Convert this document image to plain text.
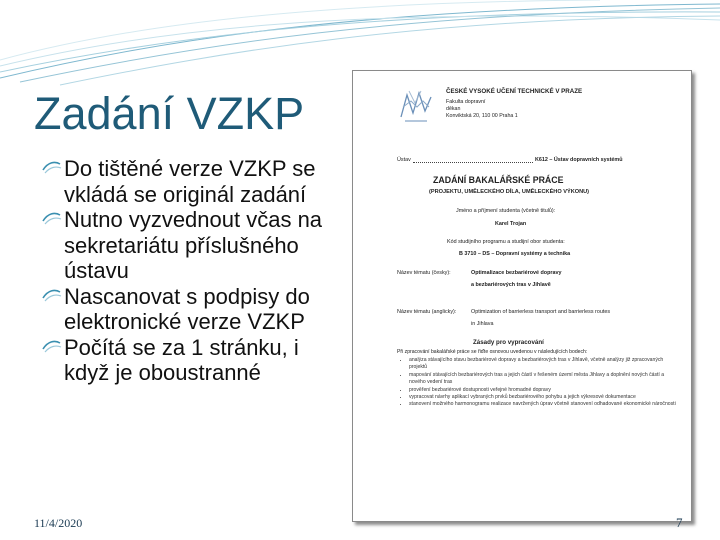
Zadání VZKP
Do tištěné verze VZKP se vkládá se originál zadání
Nutno vyzvednout včas na sekretariátu příslušného ústavu
Nascanovat s podpisy do elektronické verze VZKP
Počítá se za 1 stránku, i když je oboustranné
ČESKÉ VYSOKÉ UČENÍ TECHNICKÉ V PRAZE
Fakulta dopravní
děkan
Konviktská 20, 110 00 Praha 1
Ústav	K612 – Ústav dopravních systémů
ZADÁNÍ BAKALÁŘSKÉ PRÁCE
(PROJEKTU, UMĚLECKÉHO DÍLA, UMĚLECKÉHO VÝKONU)
Jméno a příjmení studenta (včetně titulů):
Karel Trojan
Kód studijního programu a studijní obor studenta:
B 3710 – DS – Dopravní systémy a technika
Název tématu (česky):	Optimalizace bezbariérové dopravy
a bezbariérových tras v Jihlavě
Název tématu (anglicky):	Optimization of barrierless transport and barrierless routes
in Jihlava
Zásady pro vypracování
Při zpracování bakalářské práce se řiďte osnovou uvedenou v následujících bodech:
• analýza stávajícího stavu bezbariérové dopravy a bezbariérových tras v Jihlavě, včetně analýzy již zpracovaných projektů
• mapování stávajících bezbariérových tras a jejich částí v řešeném území města Jihlavy a doplnění nových částí a nového vedení tras
• prověření bezbariérové dostupnosti veřejné hromadné dopravy
• vypracovat návrhy aplikací vybraných prvků bezbariérového pohybu a jejich výkresové dokumentace
• stanovení možného harmonogramu realizace navržených úprav včetně stanovení odhadované ekonomické náročnosti
11/4/2020	7
